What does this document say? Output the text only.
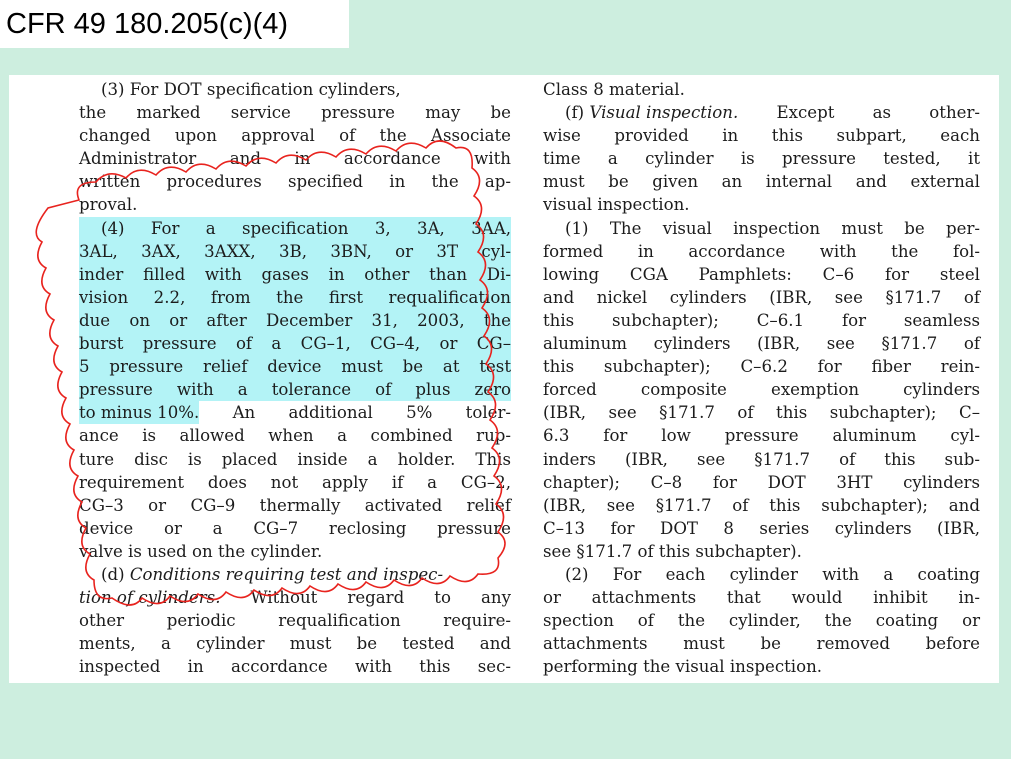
CFR 49 180.205(c)(4)
(3) For DOT specification cylinders,
the marked service pressure may be
changed upon approval of the Associate
Administrator and in accordance with
written procedures specified in the ap-
proval.
(4) For a specification 3, 3A, 3AA,
3AL, 3AX, 3AXX, 3B, 3BN, or 3T cyl-
inder filled with gases in other than Di-
vision 2.2, from the first requalification
due on or after December 31, 2003, the
burst pressure of a CG–1, CG–4, or CG–
5 pressure relief device must be at test
pressure with a tolerance of plus zero
to minus 10%. An additional 5% toler-
ance is allowed when a combined rup-
ture disc is placed inside a holder. This
requirement does not apply if a CG–2,
CG–3 or CG–9 thermally activated relief
device or a CG–7 reclosing pressure
valve is used on the cylinder.
(d) Conditions requiring test and inspec-
tion of cylinders. Without regard to any
other periodic requalification require-
ments, a cylinder must be tested and
inspected in accordance with this sec-
Class 8 material.
(f) Visual inspection. Except as other-
wise provided in this subpart, each
time a cylinder is pressure tested, it
must be given an internal and external
visual inspection.
(1) The visual inspection must be per-
formed in accordance with the fol-
lowing CGA Pamphlets: C–6 for steel
and nickel cylinders (IBR, see §171.7 of
this subchapter); C–6.1 for seamless
aluminum cylinders (IBR, see §171.7 of
this subchapter); C–6.2 for fiber rein-
forced composite exemption cylinders
(IBR, see §171.7 of this subchapter); C–
6.3 for low pressure aluminum cyl-
inders (IBR, see §171.7 of this sub-
chapter); C–8 for DOT 3HT cylinders
(IBR, see §171.7 of this subchapter); and
C–13 for DOT 8 series cylinders (IBR,
see §171.7 of this subchapter).
(2) For each cylinder with a coating
or attachments that would inhibit in-
spection of the cylinder, the coating or
attachments must be removed before
performing the visual inspection.
